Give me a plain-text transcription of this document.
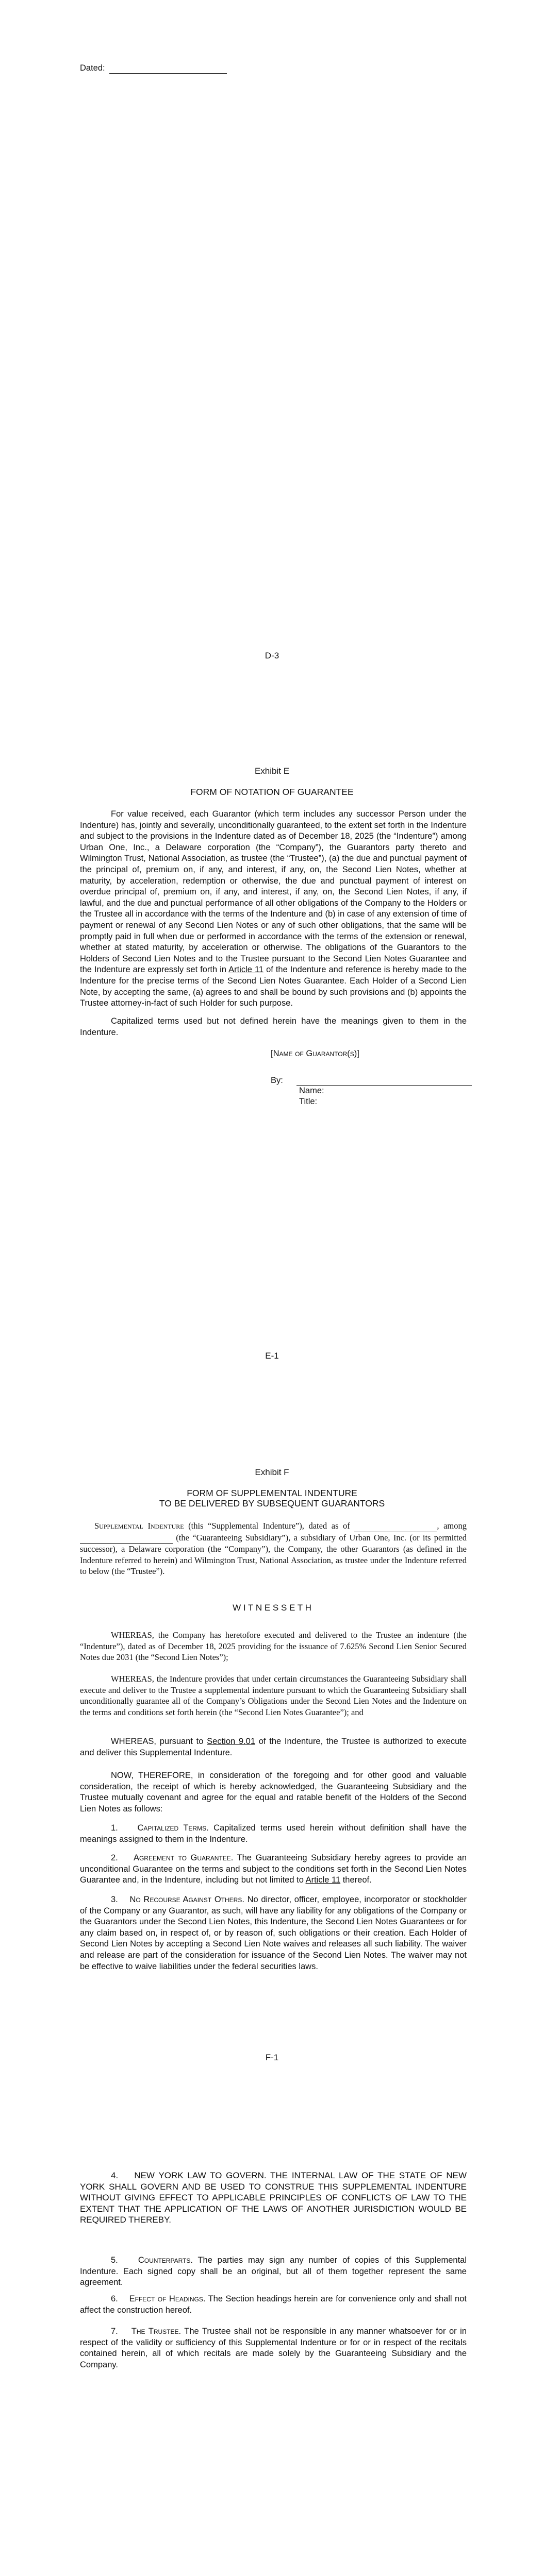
Dated:
D-3
Exhibit E
FORM OF NOTATION OF GUARANTEE
For value received, each Guarantor (which term includes any successor Person under the Indenture) has, jointly and severally, unconditionally guaranteed, to the extent set forth in the Indenture and subject to the provisions in the Indenture dated as of December 18, 2025 (the “Indenture”) among Urban One, Inc., a Delaware corporation (the “Company”), the Guarantors party thereto and Wilmington Trust, National Association, as trustee (the “Trustee”), (a) the due and punctual payment of the principal of, premium on, if any, and interest, if any, on, the Second Lien Notes, whether at maturity, by acceleration, redemption or otherwise, the due and punctual payment of interest on overdue principal of, premium on, if any, and interest, if any, on, the Second Lien Notes, if any, if lawful, and the due and punctual performance of all other obligations of the Company to the Holders or the Trustee all in accordance with the terms of the Indenture and (b) in case of any extension of time of payment or renewal of any Second Lien Notes or any of such other obligations, that the same will be promptly paid in full when due or performed in accordance with the terms of the extension or renewal, whether at stated maturity, by acceleration or otherwise. The obligations of the Guarantors to the Holders of Second Lien Notes and to the Trustee pursuant to the Second Lien Notes Guarantee and the Indenture are expressly set forth in Article 11 of the Indenture and reference is hereby made to the Indenture for the precise terms of the Second Lien Notes Guarantee. Each Holder of a Second Lien Note, by accepting the same, (a) agrees to and shall be bound by such provisions and (b) appoints the Trustee attorney-in-fact of such Holder for such purpose.
Capitalized terms used but not defined herein have the meanings given to them in the Indenture.
[Name of Guarantor(s)]
By:
Name:
Title:
E-1
Exhibit F
FORM OF SUPPLEMENTAL INDENTURE
TO BE DELIVERED BY SUBSEQUENT GUARANTORS
Supplemental Indenture (this “Supplemental Indenture”), dated as of	, among   (the “Guaranteeing Subsidiary”), a subsidiary of Urban One, Inc. (or its permitted successor), a Delaware corporation (the “Company”), the Company, the other Guarantors (as defined in the Indenture referred to herein) and Wilmington Trust, National Association, as trustee under the Indenture referred to below (the “Trustee”).
W I T N E S S E T H
WHEREAS, the Company has heretofore executed and delivered to the Trustee an indenture (the “Indenture”), dated as of December 18, 2025 providing for the issuance of 7.625% Second Lien Senior Secured Notes due 2031 (the “Second Lien Notes”);
WHEREAS, the Indenture provides that under certain circumstances the Guaranteeing Subsidiary shall execute and deliver to the Trustee a supplemental indenture pursuant to which the Guaranteeing Subsidiary shall unconditionally guarantee all of the Company’s Obligations under the Second Lien Notes and the Indenture on the terms and conditions set forth herein (the “Second Lien Notes Guarantee”); and
WHEREAS, pursuant to Section 9.01 of the Indenture, the Trustee is authorized to execute and deliver this Supplemental Indenture.
NOW, THEREFORE, in consideration of the foregoing and for other good and valuable consideration, the receipt of which is hereby acknowledged, the Guaranteeing Subsidiary and the Trustee mutually covenant and agree for the equal and ratable benefit of the Holders of the Second Lien Notes as follows:
1. Capitalized Terms. Capitalized terms used herein without definition shall have the meanings assigned to them in the Indenture.
2. Agreement to Guarantee. The Guaranteeing Subsidiary hereby agrees to provide an unconditional Guarantee on the terms and subject to the conditions set forth in the Second Lien Notes Guarantee and, in the Indenture, including but not limited to Article 11 thereof.
3. No Recourse Against Others. No director, officer, employee, incorporator or stockholder of the Company or any Guarantor, as such, will have any liability for any obligations of the Company or the Guarantors under the Second Lien Notes, this Indenture, the Second Lien Notes Guarantees or for any claim based on, in respect of, or by reason of, such obligations or their creation. Each Holder of Second Lien Notes by accepting a Second Lien Note waives and releases all such liability. The waiver and release are part of the consideration for issuance of the Second Lien Notes. The waiver may not be effective to waive liabilities under the federal securities laws.
F-1
4. NEW YORK LAW TO GOVERN. THE INTERNAL LAW OF THE STATE OF NEW YORK SHALL GOVERN AND BE USED TO CONSTRUE THIS SUPPLEMENTAL INDENTURE WITHOUT GIVING EFFECT TO APPLICABLE PRINCIPLES OF CONFLICTS OF LAW TO THE EXTENT THAT THE APPLICATION OF THE LAWS OF ANOTHER JURISDICTION WOULD BE REQUIRED THEREBY.
5. Counterparts. The parties may sign any number of copies of this Supplemental Indenture. Each signed copy shall be an original, but all of them together represent the same agreement.
6. Effect of Headings. The Section headings herein are for convenience only and shall not affect the construction hereof.
7. The Trustee. The Trustee shall not be responsible in any manner whatsoever for or in respect of the validity or sufficiency of this Supplemental Indenture or for or in respect of the recitals contained herein, all of which recitals are made solely by the Guaranteeing Subsidiary and the Company.
